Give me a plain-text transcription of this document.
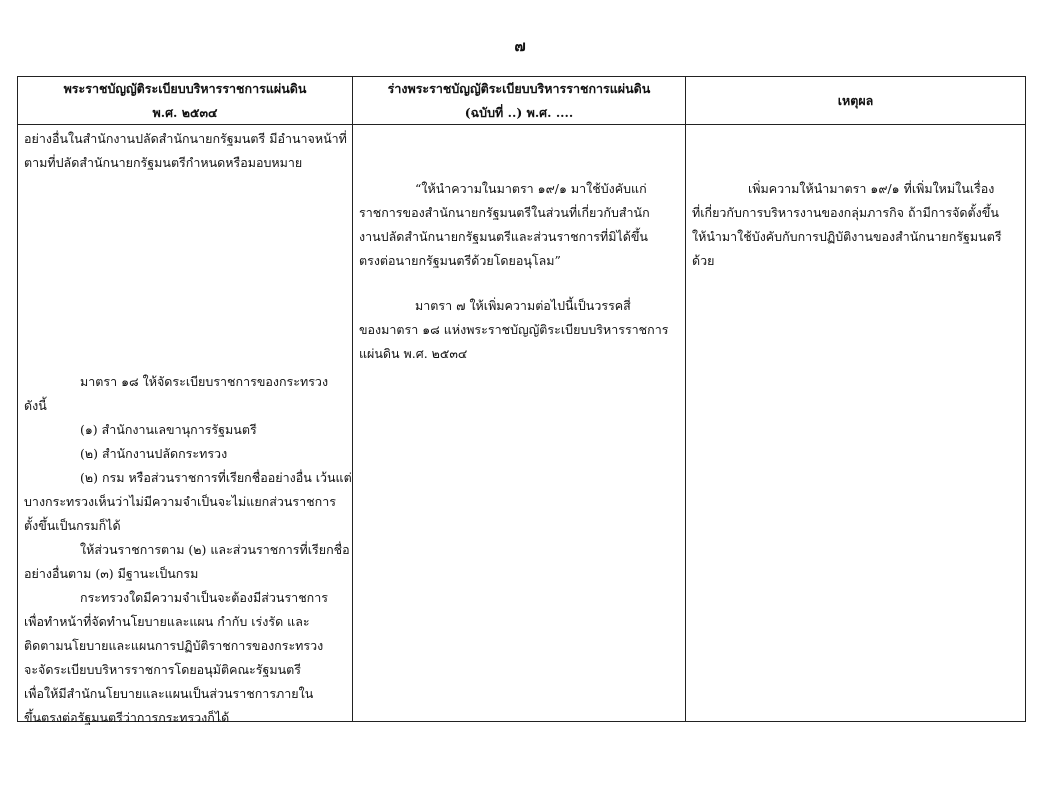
๗
พระราชบัญญัติระเบียบบริหารราชการแผ่นดิน
พ.ศ. ๒๕๓๔
ร่างพระราชบัญญัติระเบียบบริหารราชการแผ่นดิน
(ฉบับที่ ..) พ.ศ. ....
เหตุผล
อย่างอื่นในสำนักงานปลัดสำนักนายกรัฐมนตรี มีอำนาจหน้าที่
ตามที่ปลัดสำนักนายกรัฐมนตรีกำหนดหรือมอบหมาย
มาตรา ๑๘ ให้จัดระเบียบราชการของกระทรวง
ดังนี้
(๑) สำนักงานเลขานุการรัฐมนตรี
(๒) สำนักงานปลัดกระทรวง
(๒) กรม หรือส่วนราชการที่เรียกชื่ออย่างอื่น เว้นแต่
บางกระทรวงเห็นว่าไม่มีความจำเป็นจะไม่แยกส่วนราชการ
ตั้งขึ้นเป็นกรมก็ได้
ให้ส่วนราชการตาม (๒) และส่วนราชการที่เรียกชื่อ
อย่างอื่นตาม (๓) มีฐานะเป็นกรม
กระทรวงใดมีความจำเป็นจะต้องมีส่วนราชการ
เพื่อทำหน้าที่จัดทำนโยบายและแผน กำกับ เร่งรัด และ
ติดตามนโยบายและแผนการปฏิบัติราชการของกระทรวง
จะจัดระเบียบบริหารราชการโดยอนุมัติคณะรัฐมนตรี
เพื่อให้มีสำนักนโยบายและแผนเป็นส่วนราชการภายใน
ขึ้นตรงต่อรัฐมนตรีว่าการกระทรวงก็ได้
“ให้นำความในมาตรา ๑๙/๑ มาใช้บังคับแก่
ราชการของสำนักนายกรัฐมนตรีในส่วนที่เกี่ยวกับสำนัก
งานปลัดสำนักนายกรัฐมนตรีและส่วนราชการที่มิได้ขึ้น
ตรงต่อนายกรัฐมนตรีด้วยโดยอนุโลม”
มาตรา ๗ ให้เพิ่มความต่อไปนี้เป็นวรรคสี่
ของมาตรา ๑๘ แห่งพระราชบัญญัติระเบียบบริหารราชการ
แผ่นดิน พ.ศ. ๒๕๓๔
เพิ่มความให้นำมาตรา ๑๙/๑ ที่เพิ่มใหม่ในเรื่อง
ที่เกี่ยวกับการบริหารงานของกลุ่มภารกิจ ถ้ามีการจัดตั้งขึ้น
ให้นำมาใช้บังคับกับการปฏิบัติงานของสำนักนายกรัฐมนตรี
ด้วย
